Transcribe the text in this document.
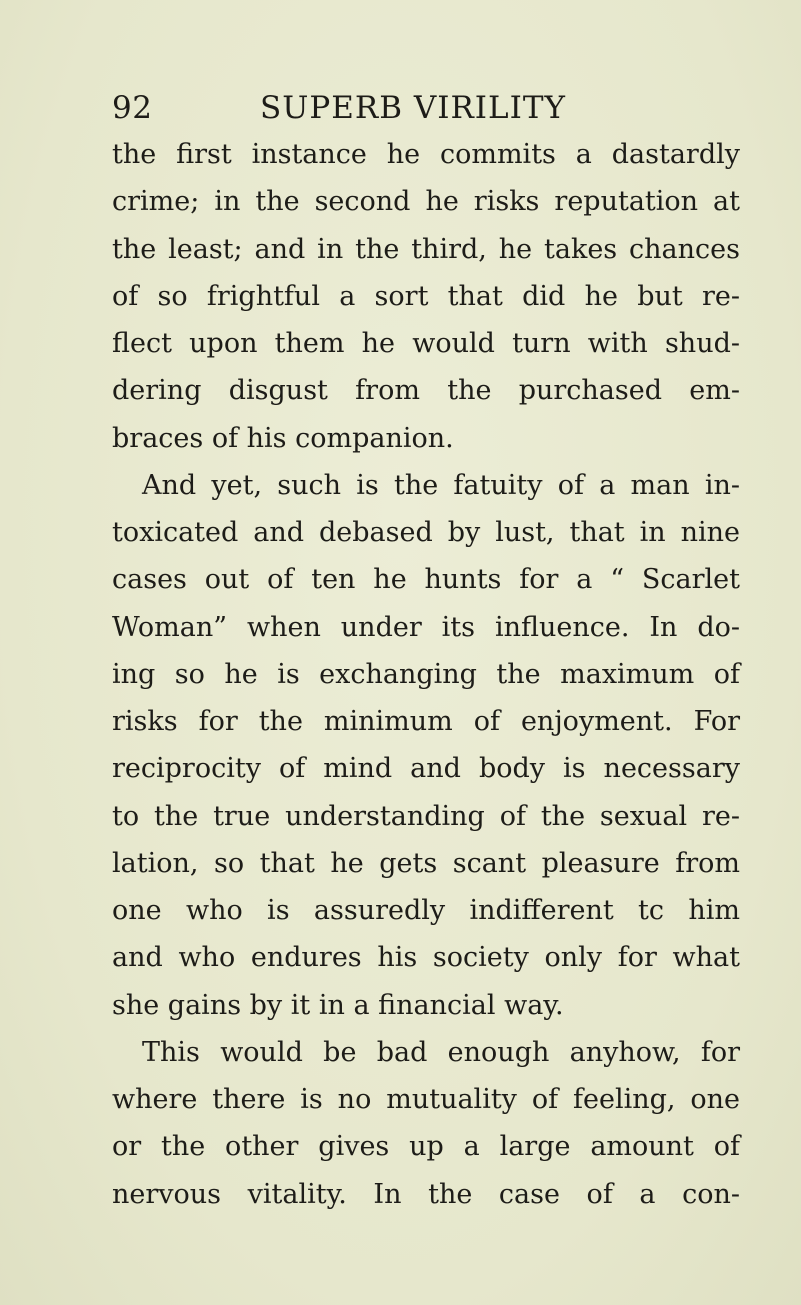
92	SUPERB VIRILITY
the first instance he commits a dastardly
crime; in the second he risks reputation at
the least; and in the third, he takes chances
of so frightful a sort that did he but re-
flect upon them he would turn with shud-
dering disgust from the purchased em-
braces of his companion.
And yet, such is the fatuity of a man in-
toxicated and debased by lust, that in nine
cases out of ten he hunts for a “ Scarlet
Woman” when under its influence. In do-
ing so he is exchanging the maximum of
risks for the minimum of enjoyment. For
reciprocity of mind and body is necessary
to the true understanding of the sexual re-
lation, so that he gets scant pleasure from
one who is assuredly indifferent tc him
and who endures his society only for what
she gains by it in a financial way.
This would be bad enough anyhow, for
where there is no mutuality of feeling, one
or the other gives up a large amount of
nervous vitality. In the case of a con-
